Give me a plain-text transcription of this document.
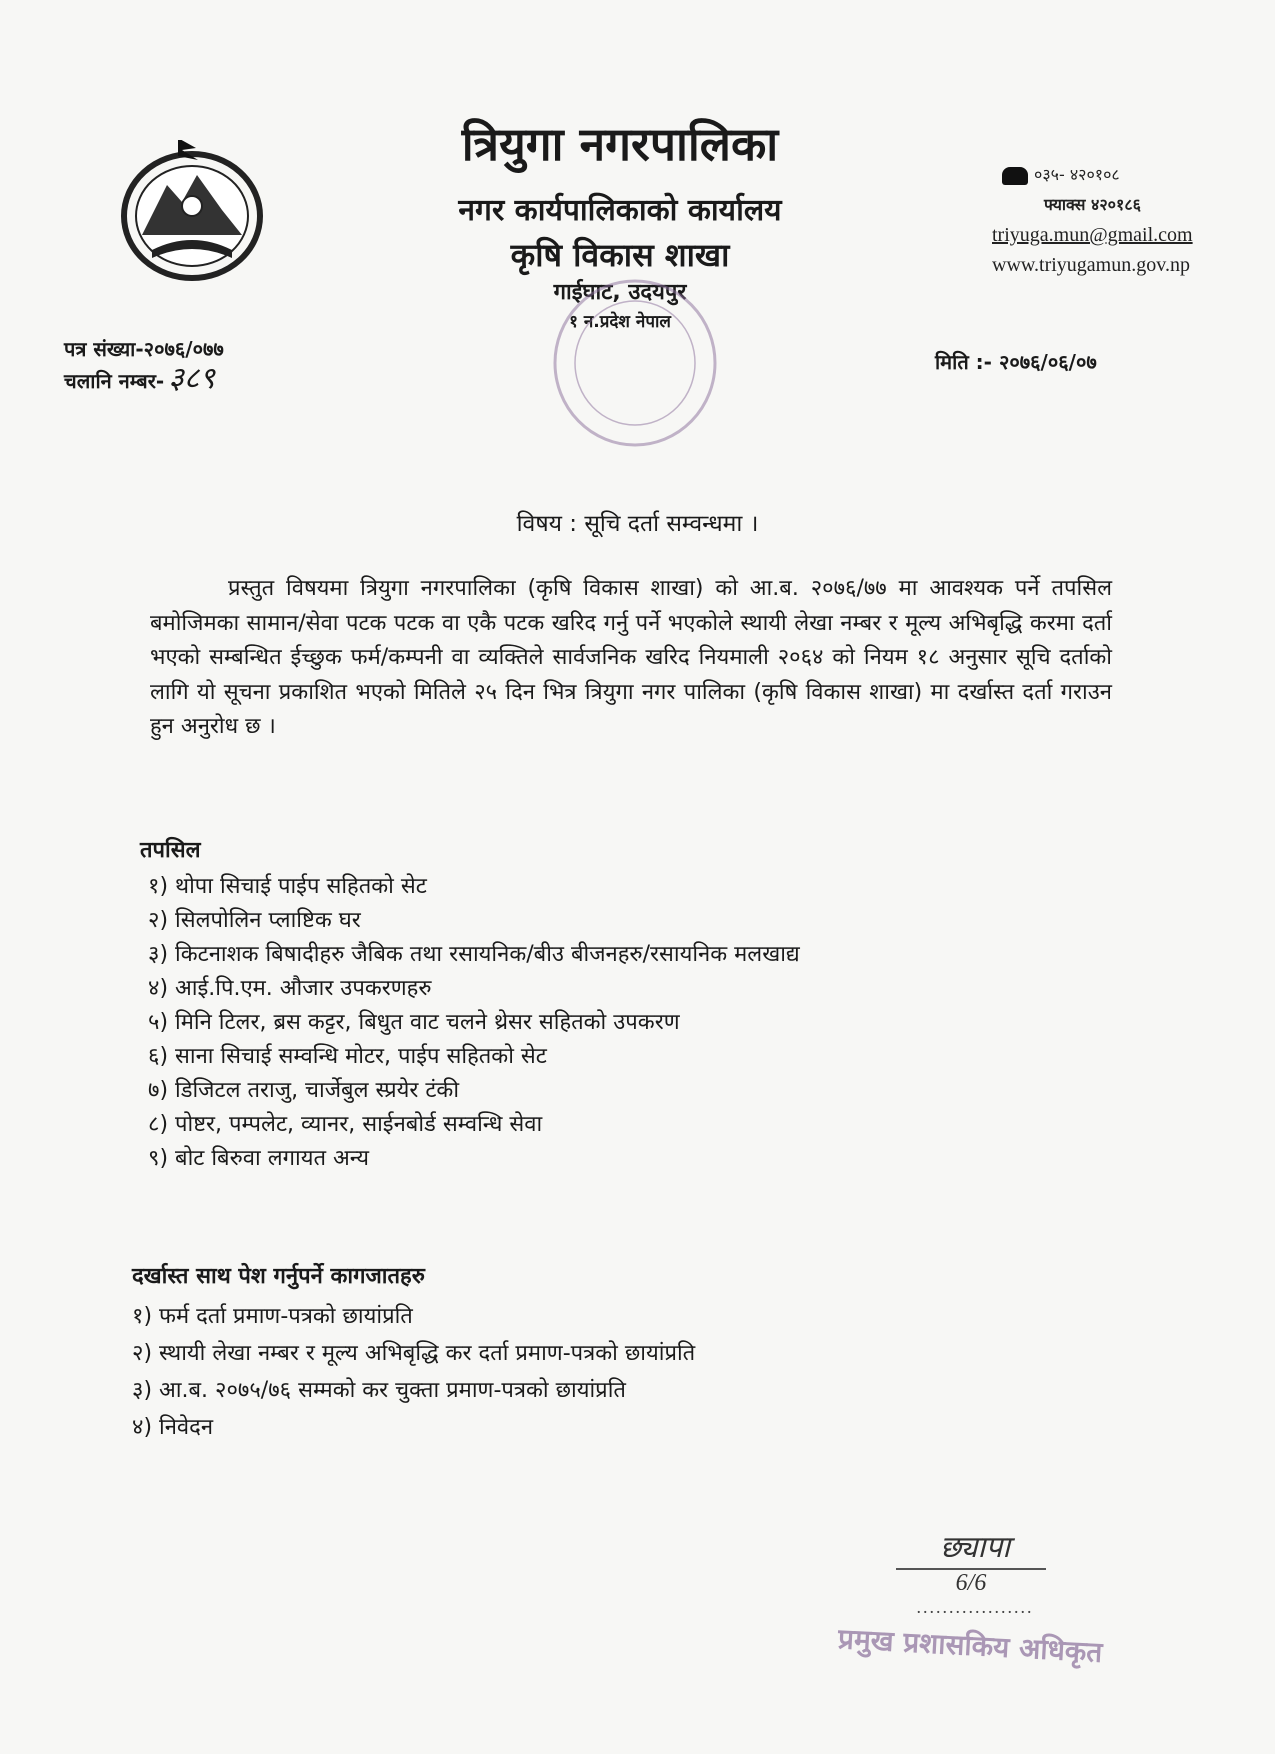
त्रियुगा नगरपालिका
नगर कार्यपालिकाको कार्यालय
कृषि विकास शाखा
गाईघाट, उदयपुर
१ न.प्रदेश नेपाल
०३५- ४२०१०८
फ्याक्स ४२०१८६
triyuga.mun@gmail.com
www.triyugamun.gov.np
पत्र संख्या-२०७६/०७७
चलानि नम्बर- ३८९	मिति :- २०७६/०६/०७
विषय : सूचि दर्ता सम्वन्धमा ।
प्रस्तुत विषयमा त्रियुगा नगरपालिका (कृषि विकास शाखा) को आ.ब. २०७६/७७ मा आवश्यक पर्ने तपसिल बमोजिमका सामान/सेवा पटक पटक वा एकै पटक खरिद गर्नु पर्ने भएकोले स्थायी लेखा नम्बर र मूल्य अभिबृद्धि करमा दर्ता भएको सम्बन्धित ईच्छुक फर्म/कम्पनी वा व्यक्तिले सार्वजनिक खरिद नियमाली २०६४ को नियम १८ अनुसार सूचि दर्ताको लागि यो सूचना प्रकाशित भएको मितिले २५ दिन भित्र त्रियुगा नगर पालिका (कृषि विकास शाखा) मा दर्खास्त दर्ता गराउन हुन अनुरोध छ ।
तपसिल
१) थोपा सिचाई पाईप सहितको सेट
२) सिलपोलिन प्लाष्टिक घर
३) किटनाशक बिषादीहरु जैबिक तथा रसायनिक/बीउ बीजनहरु/रसायनिक मलखाद्य
४) आई.पि.एम. औजार उपकरणहरु
५) मिनि टिलर, ब्रस कट्टर, बिधुत वाट चलने थ्रेसर सहितको उपकरण
६) साना सिचाई सम्वन्धि मोटर, पाईप सहितको सेट
७) डिजिटल तराजु, चार्जेबुल स्प्रयेर टंकी
८) पोष्टर, पम्पलेट, व्यानर, साईनबोर्ड सम्वन्धि सेवा
९) बोट बिरुवा लगायत अन्य
दर्खास्त साथ पेश गर्नुपर्ने कागजातहरु
१) फर्म दर्ता प्रमाण-पत्रको छायांप्रति
२) स्थायी लेखा नम्बर र मूल्य अभिबृद्धि कर दर्ता प्रमाण-पत्रको छायांप्रति
३) आ.ब. २०७५/७६ सम्मको कर चुक्ता प्रमाण-पत्रको छायांप्रति
४) निवेदन
छ्यापा
6/6
..................
प्रमुख प्रशासकिय अधिकृत
